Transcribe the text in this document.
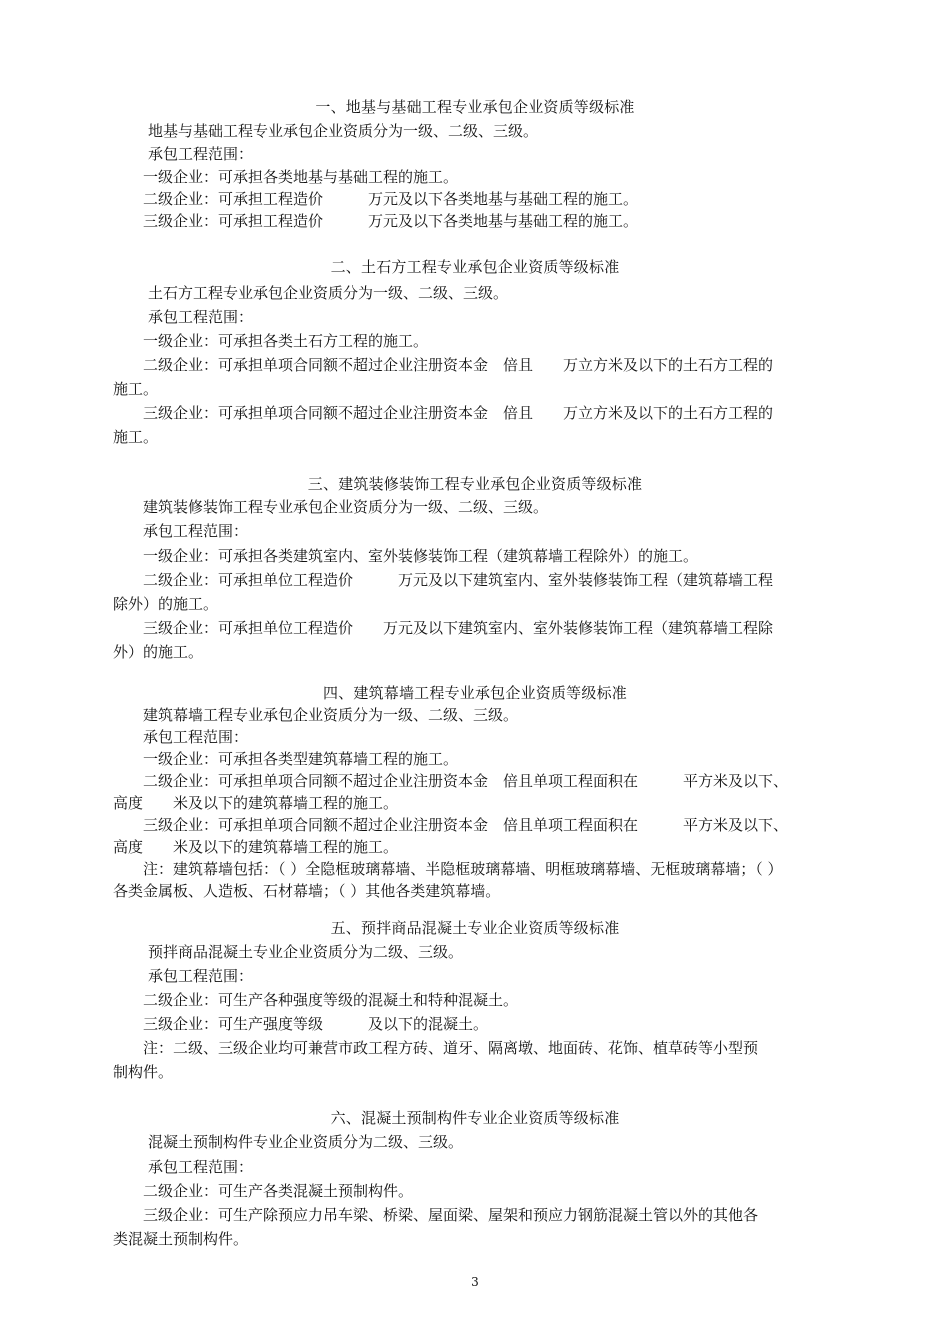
一、地基与基础工程专业承包企业资质等级标准
地基与基础工程专业承包企业资质分为一级、二级、三级。
承包工程范围：
一级企业：可承担各类地基与基础工程的施工。
二级企业：可承担工程造价　　　万元及以下各类地基与基础工程的施工。
三级企业：可承担工程造价　　　万元及以下各类地基与基础工程的施工。
二、土石方工程专业承包企业资质等级标准
土石方工程专业承包企业资质分为一级、二级、三级。
承包工程范围：
一级企业：可承担各类土石方工程的施工。
二级企业：可承担单项合同额不超过企业注册资本金　倍且　　万立方米及以下的土石方工程的
施工。
三级企业：可承担单项合同额不超过企业注册资本金　倍且　　万立方米及以下的土石方工程的
施工。
三、建筑装修装饰工程专业承包企业资质等级标准
建筑装修装饰工程专业承包企业资质分为一级、二级、三级。
承包工程范围：
一级企业：可承担各类建筑室内、室外装修装饰工程（建筑幕墙工程除外）的施工。
二级企业：可承担单位工程造价　　　万元及以下建筑室内、室外装修装饰工程（建筑幕墙工程
除外）的施工。
三级企业：可承担单位工程造价　　万元及以下建筑室内、室外装修装饰工程（建筑幕墙工程除
外）的施工。
四、建筑幕墙工程专业承包企业资质等级标准
建筑幕墙工程专业承包企业资质分为一级、二级、三级。
承包工程范围：
一级企业：可承担各类型建筑幕墙工程的施工。
二级企业：可承担单项合同额不超过企业注册资本金　倍且单项工程面积在　　　平方米及以下、
高度　　米及以下的建筑幕墙工程的施工。
三级企业：可承担单项合同额不超过企业注册资本金　倍且单项工程面积在　　　平方米及以下、
高度　　米及以下的建筑幕墙工程的施工。
注：建筑幕墙包括：（ ）全隐框玻璃幕墙、半隐框玻璃幕墙、明框玻璃幕墙、无框玻璃幕墙；（ ）
各类金属板、人造板、石材幕墙；（ ）其他各类建筑幕墙。
五、预拌商品混凝土专业企业资质等级标准
预拌商品混凝土专业企业资质分为二级、三级。
承包工程范围：
二级企业：可生产各种强度等级的混凝土和特种混凝土。
三级企业：可生产强度等级　　　及以下的混凝土。
注：二级、三级企业均可兼营市政工程方砖、道牙、隔离墩、地面砖、花饰、植草砖等小型预
制构件。
六、混凝土预制构件专业企业资质等级标准
混凝土预制构件专业企业资质分为二级、三级。
承包工程范围：
二级企业：可生产各类混凝土预制构件。
三级企业：可生产除预应力吊车梁、桥梁、屋面梁、屋架和预应力钢筋混凝土管以外的其他各
类混凝土预制构件。
3
